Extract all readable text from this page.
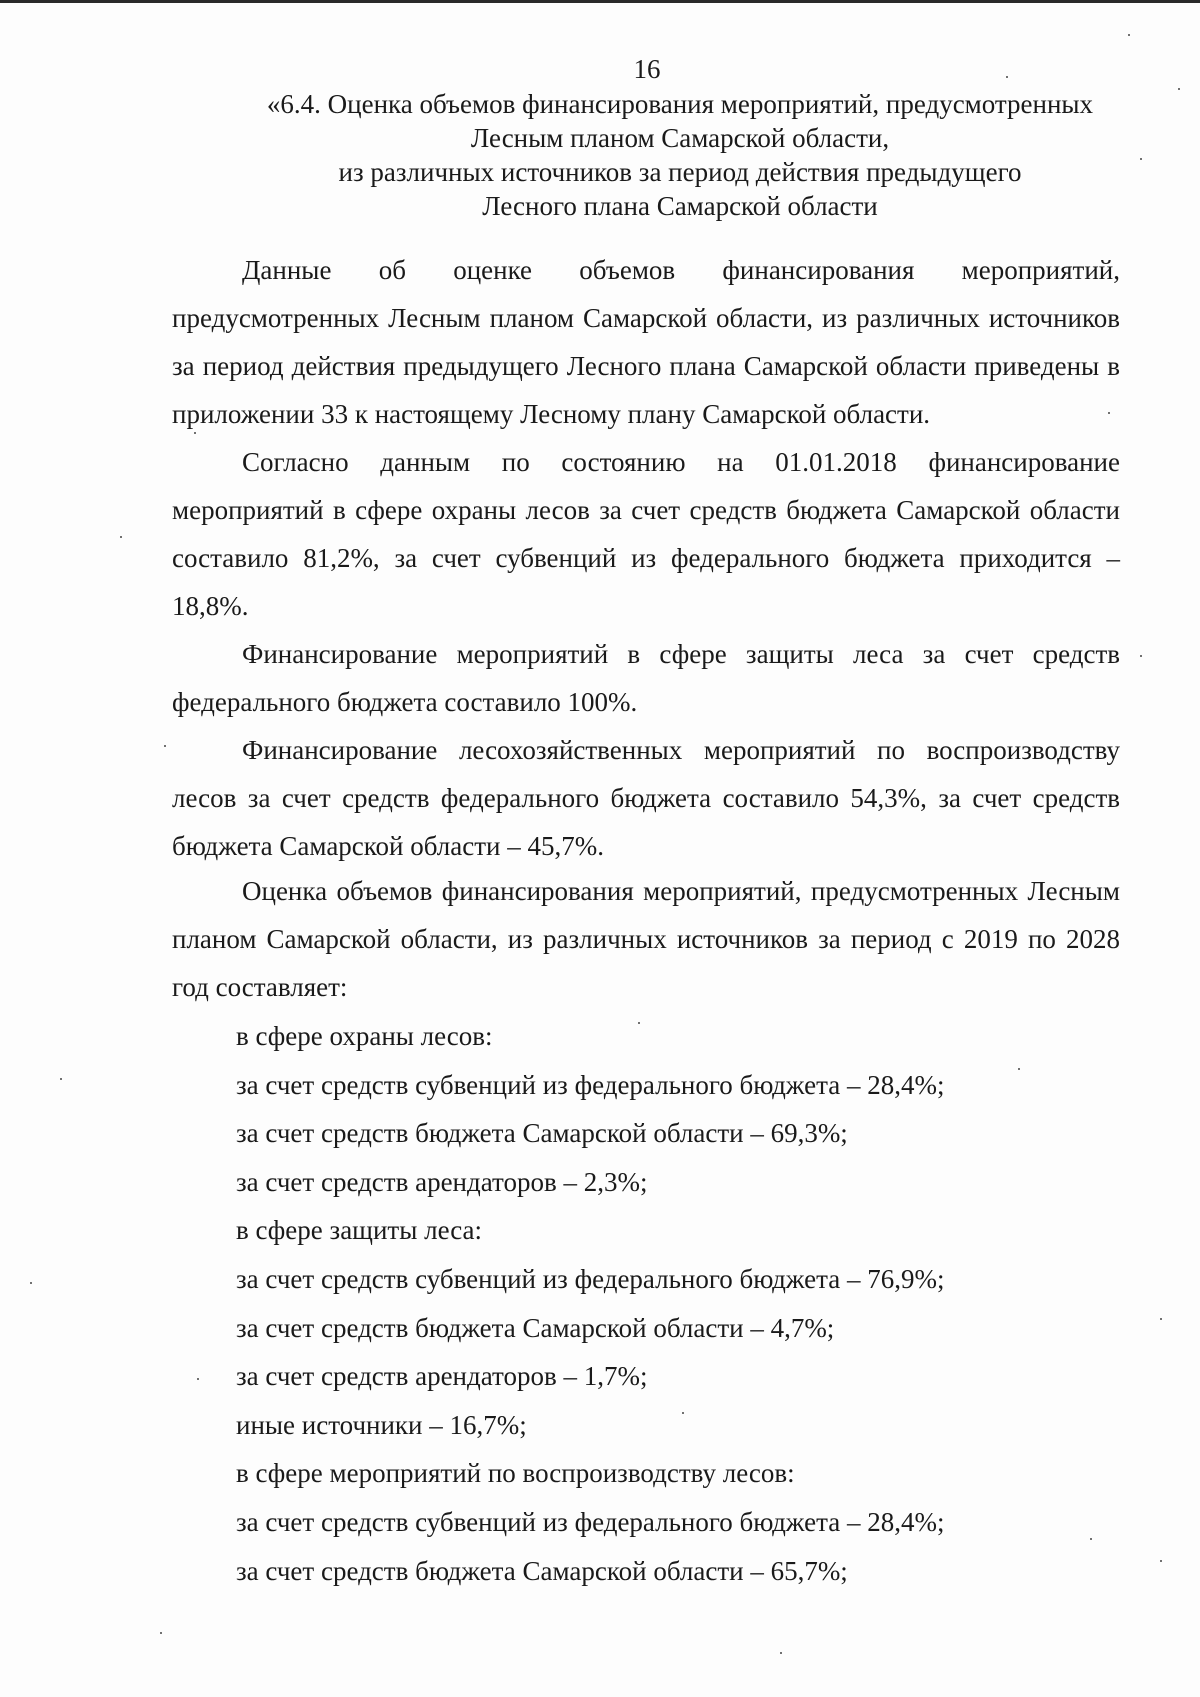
16
«6.4. Оценка объемов финансирования мероприятий, предусмотренных
Лесным планом Самарской области,
из различных источников за период действия предыдущего
Лесного плана Самарской области

Данные об оценке объемов финансирования мероприятий, предусмотренных Лесным планом Самарской области, из различных источников за период действия предыдущего Лесного плана Самарской области приведены в приложении 33 к настоящему Лесному плану Самарской области.

Согласно данным по состоянию на 01.01.2018 финансирование мероприятий в сфере охраны лесов за счет средств бюджета Самарской области составило 81,2%, за счет субвенций из федерального бюджета приходится – 18,8%.

Финансирование мероприятий в сфере защиты леса за счет средств федерального бюджета составило 100%.

Финансирование лесохозяйственных мероприятий по воспроизводству лесов за счет средств федерального бюджета составило 54,3%, за счет средств бюджета Самарской области – 45,7%.

Оценка объемов финансирования мероприятий, предусмотренных Лесным планом Самарской области, из различных источников за период с 2019 по 2028 год составляет:

в сфере охраны лесов:
за счет средств субвенций из федерального бюджета – 28,4%;
за счет средств бюджета Самарской области – 69,3%;
за счет средств арендаторов – 2,3%;
в сфере защиты леса:
за счет средств субвенций из федерального бюджета – 76,9%;
за счет средств бюджета Самарской области – 4,7%;
за счет средств арендаторов – 1,7%;
иные источники – 16,7%;
в сфере мероприятий по воспроизводству лесов:
за счет средств субвенций из федерального бюджета – 28,4%;
за счет средств бюджета Самарской области – 65,7%;
